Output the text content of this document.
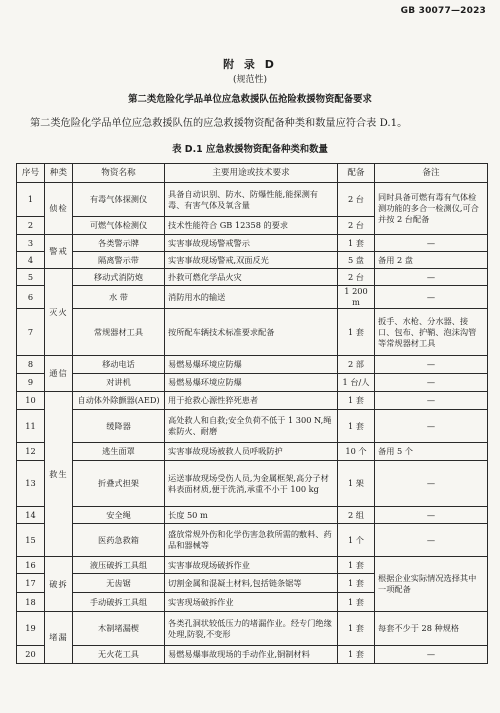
GB 30077—2023
附 录 D
(规范性)
第二类危险化学品单位应急救援队伍抢险救援物资配备要求
第二类危险化学品单位应急救援队伍的应急救援物资配备种类和数量应符合表 D.1。
表 D.1 应急救援物资配备种类和数量
序号	种类	物资名称	主要用途或技术要求	配备	备注
1	侦检	有毒气体探测仪	具备自动识别、防水、防爆性能,能探测有毒、有害气体及氧含量	2 台	同时具备可燃有毒有气体检测功能的多合一检测仪,可合并按 2 台配备
2		可燃气体检测仪	技术性能符合 GB 12358 的要求	2 台	
3	警戒	各类警示牌	实害事故现场警戒警示	1 套	—
4		隔离警示带	实害事故现场警戒,双面反光	5 盘	备用 2 盘
5	灭火	移动式消防炮	扑救可燃化学品火灾	2 台	—
6		水 带	消防用水的输送	1 200 m	—
7		常规器材工具	按所配车辆技术标准要求配备	1 套	扳手、水枪、分水器、接口、包布、护鞘、泡沫沟管等常规器材工具
8	通信	移动电话	易燃易爆环境应防爆	2 部	—
9		对讲机	易燃易爆环境应防爆	1 台/人	—
10	救生	自动体外除颤器(AED)	用于抢救心源性猝死患者	1 套	—
11		缓降器	高处救人和自救;安全负荷不低于 1 300 N,绳索防火、耐磨	1 套	—
12		逃生面罩	实害事故现场被救人员呼吸防护	10 个	备用 5 个
13		折叠式担架	运送事故现场受伤人员,为金属框架,高分子材料表面材质,便于洗消,承重不小于 100 kg	1 架	—
14		安全绳	长度 50 m	2 组	—
15		医药急救箱	盛放常规外伤和化学伤害急救所需的敷料、药品和器械等	1 个	—
16	破拆	液压破拆工具组	实害事故现场破拆作业	1 套	根据企业实际情况选择其中一项配备
17		无齿锯	切割金属和混凝土材料,包括链条锯等	1 套	
18		手动破拆工具组	实害现场破拆作业	1 套	
19	堵漏	木制堵漏楔	各类孔洞状较低压力的堵漏作业。经专门绝缘处理,防裂,不变形	1 套	每套不少于 28 种规格
20		无火花工具	易燃易爆事故现场的手动作业,铜制材料	1 套	—
